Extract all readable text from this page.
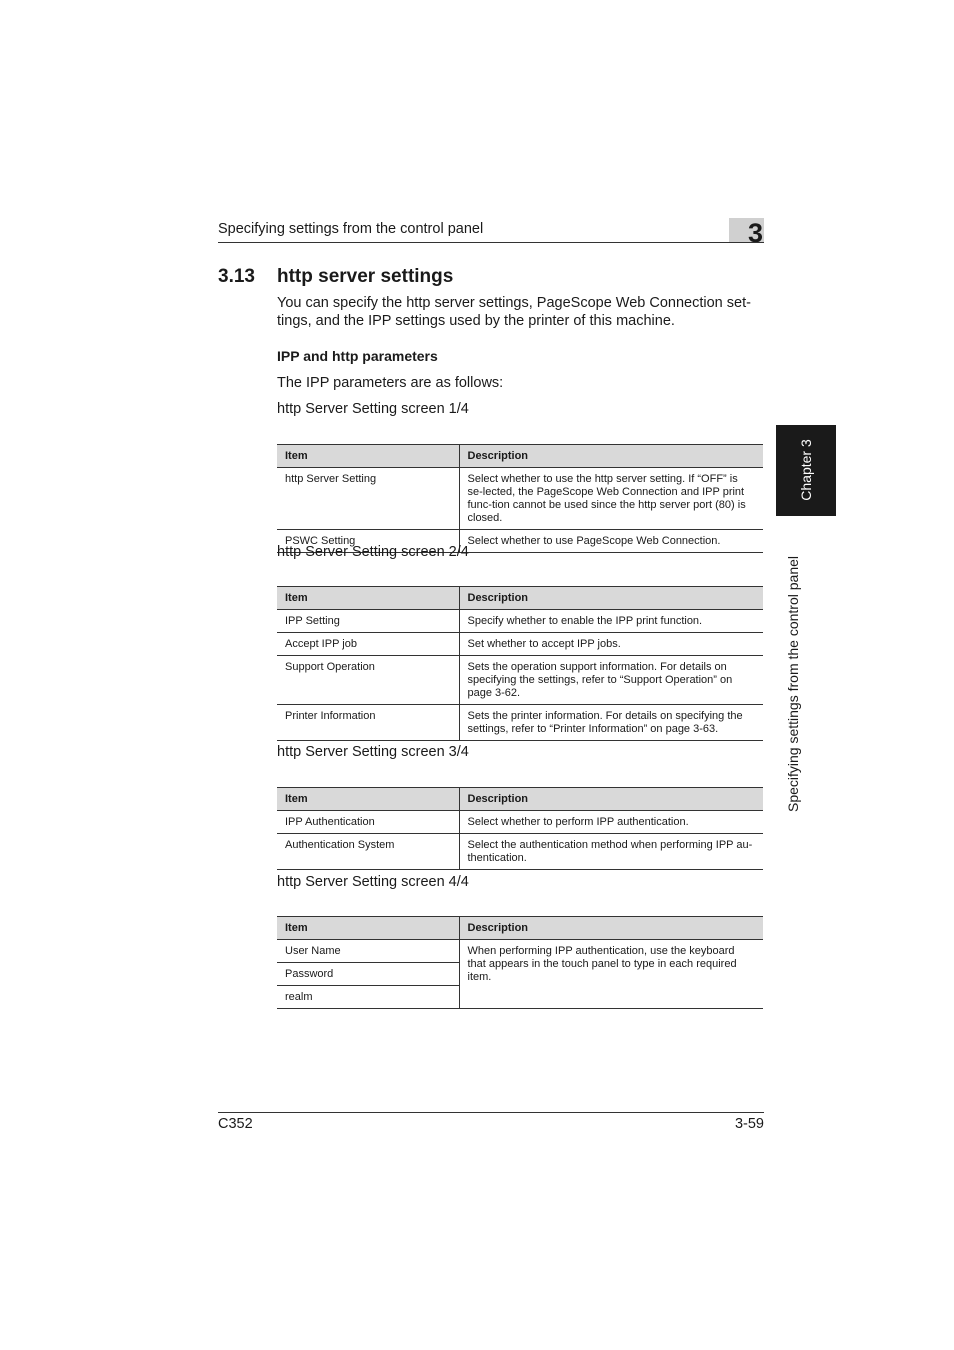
Specifying settings from the control panel	3
3.13 http server settings
You can specify the http server settings, PageScope Web Connection set-tings, and the IPP settings used by the printer of this machine.
IPP and http parameters
The IPP parameters are as follows:
http Server Setting screen 1/4
Item	Description
http Server Setting	Select whether to use the http server setting. If “OFF” is se-lected, the PageScope Web Connection and IPP print func-tion cannot be used since the http server port (80) is closed.
PSWC Setting	Select whether to use PageScope Web Connection.
http Server Setting screen 2/4
Item	Description
IPP Setting	Specify whether to enable the IPP print function.
Accept IPP job	Set whether to accept IPP jobs.
Support Operation	Sets the operation support information. For details on specifying the settings, refer to “Support Operation” on page 3-62.
Printer Information	Sets the printer information. For details on specifying the settings, refer to “Printer Information” on page 3-63.
http Server Setting screen 3/4
Item	Description
IPP Authentication	Select whether to perform IPP authentication.
Authentication System	Select the authentication method when performing IPP au-thentication.
http Server Setting screen 4/4
Item	Description
User Name	When performing IPP authentication, use the keyboard that appears in the touch panel to type in each required item.
Password	
realm	
Chapter 3
Specifying settings from the control panel
C352	3-59
